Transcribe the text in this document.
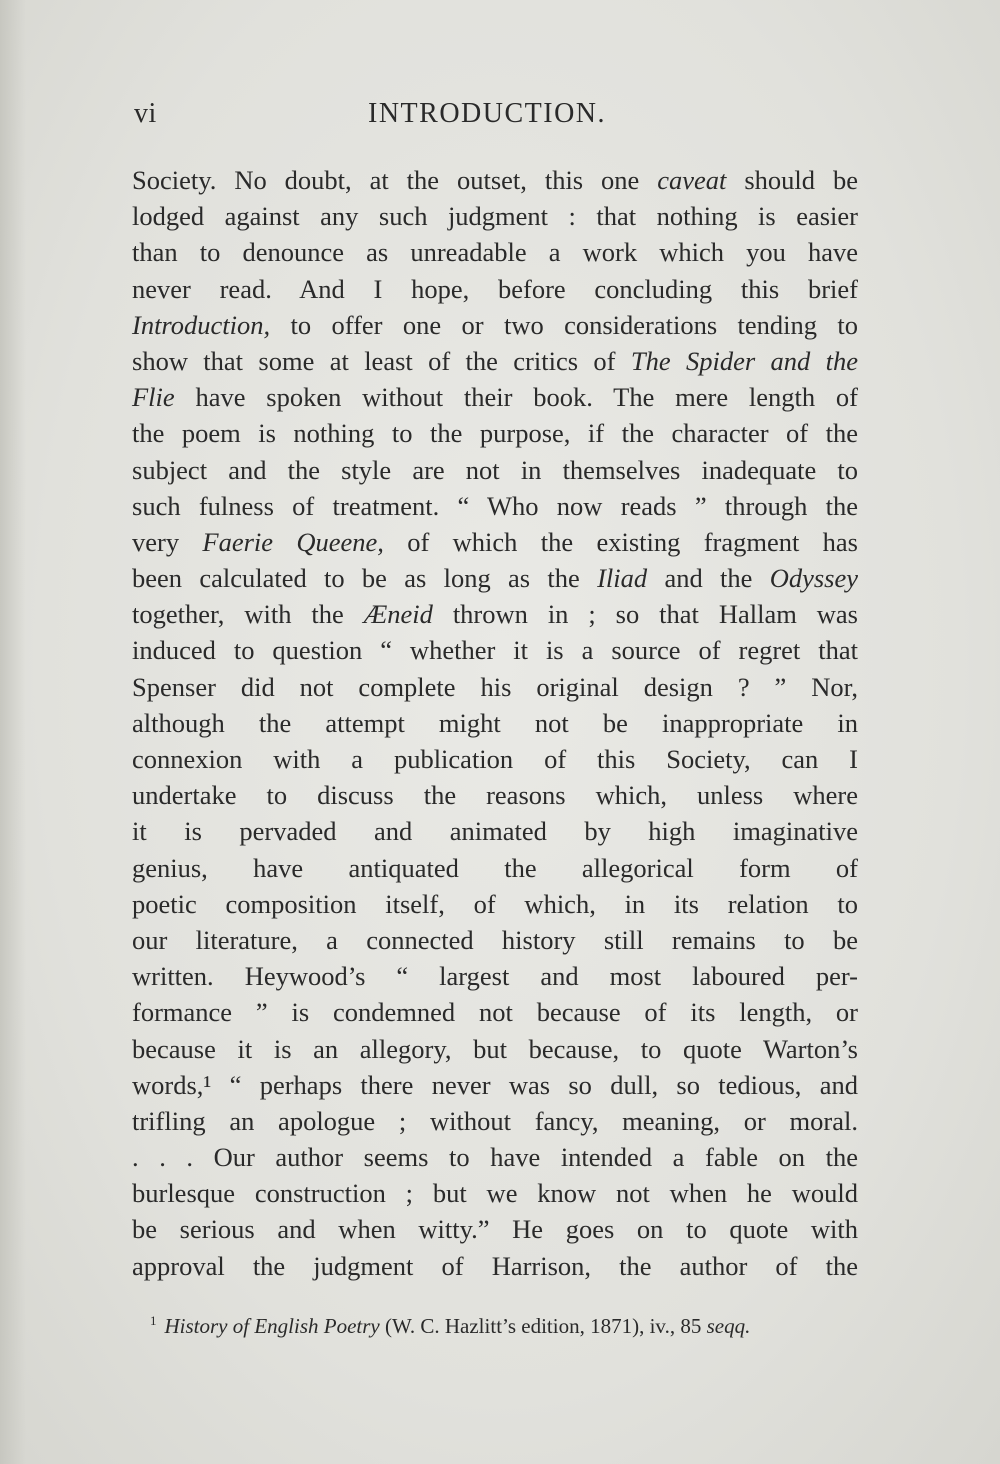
vi	INTRODUCTION.
Society. No doubt, at the outset, this one caveat should be
lodged against any such judgment : that nothing is easier
than to denounce as unreadable a work which you have
never read. And I hope, before concluding this brief
Introduction, to offer one or two considerations tending to
show that some at least of the critics of The Spider and the
Flie have spoken without their book. The mere length of
the poem is nothing to the purpose, if the character of the
subject and the style are not in themselves inadequate to
such fulness of treatment. “ Who now reads ” through the
very Faerie Queene, of which the existing fragment has
been calculated to be as long as the Iliad and the Odyssey
together, with the Æneid thrown in ; so that Hallam was
induced to question “ whether it is a source of regret that
Spenser did not complete his original design ? ” Nor,
although the attempt might not be inappropriate in
connexion with a publication of this Society, can I
undertake to discuss the reasons which, unless where
it is pervaded and animated by high imaginative
genius, have antiquated the allegorical form of
poetic composition itself, of which, in its relation to
our literature, a connected history still remains to be
written. Heywood’s “ largest and most laboured per-
formance ” is condemned not because of its length, or
because it is an allegory, but because, to quote Warton’s
words,¹ “ perhaps there never was so dull, so tedious, and
trifling an apologue ; without fancy, meaning, or moral.
. . . Our author seems to have intended a fable on the
burlesque construction ; but we know not when he would
be serious and when witty.” He goes on to quote with
approval the judgment of Harrison, the author of the
$^1$ History of English Poetry (W. C. Hazlitt’s edition, 1871), iv., 85 seqq.
